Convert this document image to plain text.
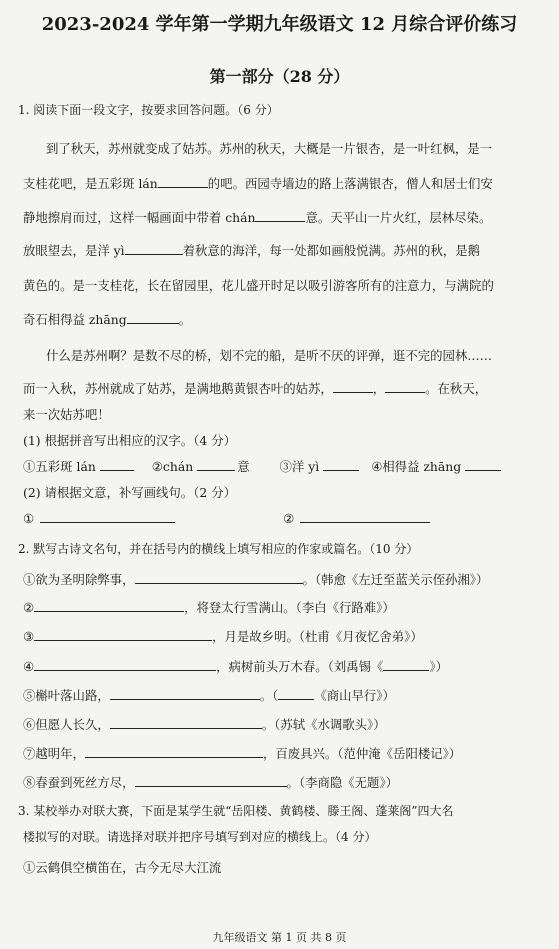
2023-2024 学年第一学期九年级语文 12 月综合评价练习
第一部分（28 分）
1. 阅读下面一段文字，按要求回答问题。（6 分）
到了秋天，苏州就变成了姑苏。苏州的秋天，大概是一片银杏，是一叶红枫，是一
支桂花吧，是五彩斑 lán	的吧。西园寺墙边的路上落满银杏，僧人和居士们安
静地擦肩而过，这样一幅画面中带着 chán	意。天平山一片火红，层林尽染。
放眼望去，是洋 yì	着秋意的海洋，每一处都如画般悦满。苏州的秋，是鹅
黄色的。是一支桂花，长在留园里，花儿盛开时足以吸引游客所有的注意力，与满院的
奇石相得益 zhāng	。
什么是苏州啊？是数不尽的桥，划不完的船，是听不厌的评弹，逛不完的园林……
而一入秋，苏州就成了姑苏，是满地鹅黄银杏叶的姑苏，	，	。在秋天，
来一次姑苏吧！
(1) 根据拼音写出相应的汉字。（4 分）
①五彩斑 lán	②chán	意 ③洋 yì	④相得益 zhāng
(2) 请根据文意，补写画线句。（2 分）
①	②
2. 默写古诗文名句，并在括号内的横线上填写相应的作家或篇名。（10 分）
①欲为圣明除弊事，	。（韩愈《左迁至蓝关示侄孙湘》）
②	，将登太行雪满山。（李白《行路难》）
③	，月是故乡明。（杜甫《月夜忆舍弟》）
④	，病树前头万木春。（刘禹锡《	》）
⑤槲叶落山路，	。（	《商山早行》）
⑥但愿人长久，	。（苏轼《水调歌头》）
⑦越明年，	，百废具兴。（范仲淹《岳阳楼记》）
⑧春蚕到死丝方尽，	。（李商隐《无题》）
3. 某校举办对联大赛，下面是某学生就“岳阳楼、黄鹤楼、滕王阁、蓬莱阁”四大名
楼拟写的对联。请选择对联并把序号填写到对应的横线上。（4 分）
①云鹤俱空横笛在，古今无尽大江流
九年级语文 第 1 页 共 8 页
